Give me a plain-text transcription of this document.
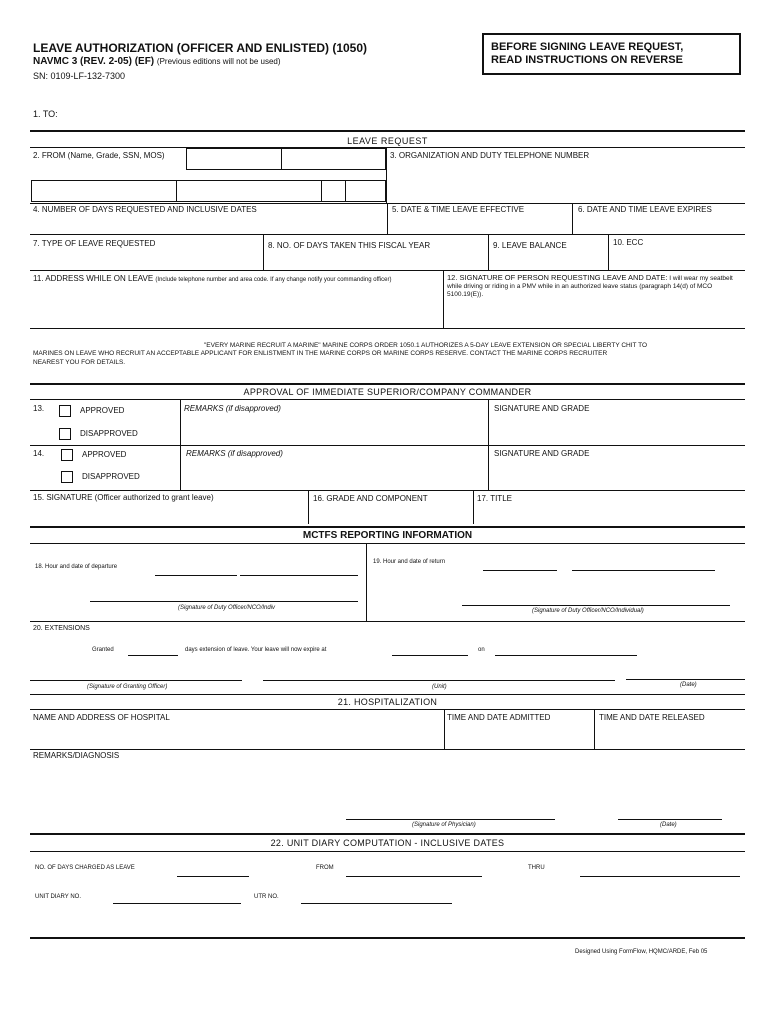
LEAVE AUTHORIZATION (OFFICER AND ENLISTED) (1050)
NAVMC 3 (REV. 2-05) (EF) (Previous editions will not be used)
SN: 0109-LF-132-7300
BEFORE SIGNING LEAVE REQUEST,
READ INSTRUCTIONS ON REVERSE
1. TO:
LEAVE REQUEST
2. FROM (Name, Grade, SSN, MOS)	3. ORGANIZATION AND DUTY TELEPHONE NUMBER
4. NUMBER OF DAYS REQUESTED AND INCLUSIVE DATES	5. DATE & TIME LEAVE EFFECTIVE	6. DATE AND TIME LEAVE EXPIRES
7. TYPE OF LEAVE REQUESTED	8. NO. OF DAYS TAKEN THIS FISCAL YEAR	9. LEAVE BALANCE	10. ECC
11. ADDRESS WHILE ON LEAVE (Include telephone number and area code. If any change notify your commanding officer)	12. SIGNATURE OF PERSON REQUESTING LEAVE AND DATE: I will wear my seatbelt while driving or riding in a PMV while in an authorized leave status (paragraph 14(d) of MCO 5100.19(E)).
"EVERY MARINE RECRUIT A MARINE" MARINE CORPS ORDER 1050.1 AUTHORIZES A 5-DAY LEAVE EXTENSION OR SPECIAL LIBERTY CHIT TO
MARINES ON LEAVE WHO RECRUIT AN ACCEPTABLE APPLICANT FOR ENLISTMENT IN THE MARINE CORPS OR MARINE CORPS RESERVE. CONTACT THE MARINE CORPS RECRUITER
NEAREST YOU FOR DETAILS.
APPROVAL OF IMMEDIATE SUPERIOR/COMPANY COMMANDER
13.	APPROVED
DISAPPROVED
REMARKS (if disapproved)	SIGNATURE AND GRADE
14.	APPROVED
DISAPPROVED
REMARKS (if disapproved)	SIGNATURE AND GRADE
15. SIGNATURE (Officer authorized to grant leave)	16. GRADE AND COMPONENT	17. TITLE
MCTFS REPORTING INFORMATION
18. Hour and date of departure
(Signature of Duty Officer/NCO/Indiv
19. Hour and date of return
(Signature of Duty Officer/NCO/Individual)
20. EXTENSIONS
Granted	days extension of leave. Your leave will now expire at	on
(Signature of Granting Officer)	(Unit)	(Date)
21. HOSPITALIZATION
NAME AND ADDRESS OF HOSPITAL	TIME AND DATE ADMITTED	TIME AND DATE RELEASED
REMARKS/DIAGNOSIS
(Signature of Physician)	(Date)
22. UNIT DIARY COMPUTATION - INCLUSIVE DATES
NO. OF DAYS CHARGED AS LEAVE	FROM	THRU
UNIT DIARY NO.	UTR NO.
Designed Using FormFlow, HQMC/ARDE, Feb 05
